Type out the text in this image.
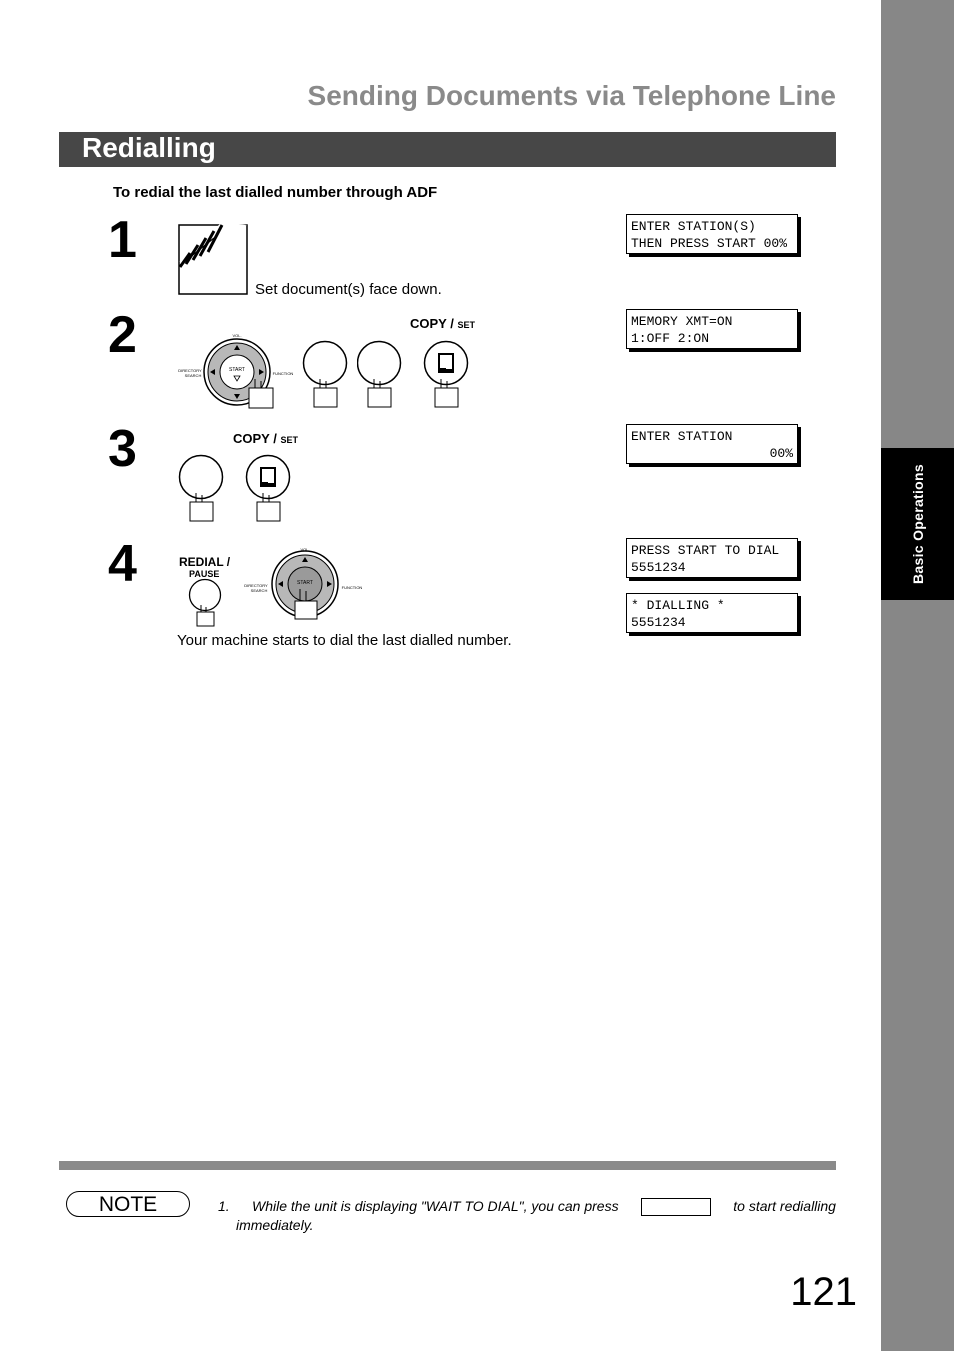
Basic Operations
Sending Documents via Telephone Line
Redialling
To redial the last dialled number through ADF
1
Set document(s) face down.
ENTER STATION(S)
THEN PRESS START 00%
2
START
VOL.
DIRECTORY
SEARCH	FUNCTION
COPY / SET	MEMORY XMT=ON
1:OFF 2:ON
3	COPY / SET	ENTER STATION
00%
4	REDIAL /
PAUSE
START
VOL.
DIRECTORY
SEARCH
FUNCTION
Your machine starts to dial the last dialled number.
PRESS START TO DIAL
5551234
* DIALLING *
5551234
NOTE	1. While the unit is displaying "WAIT TO DIAL", you can press	to start redialling
immediately.
121
